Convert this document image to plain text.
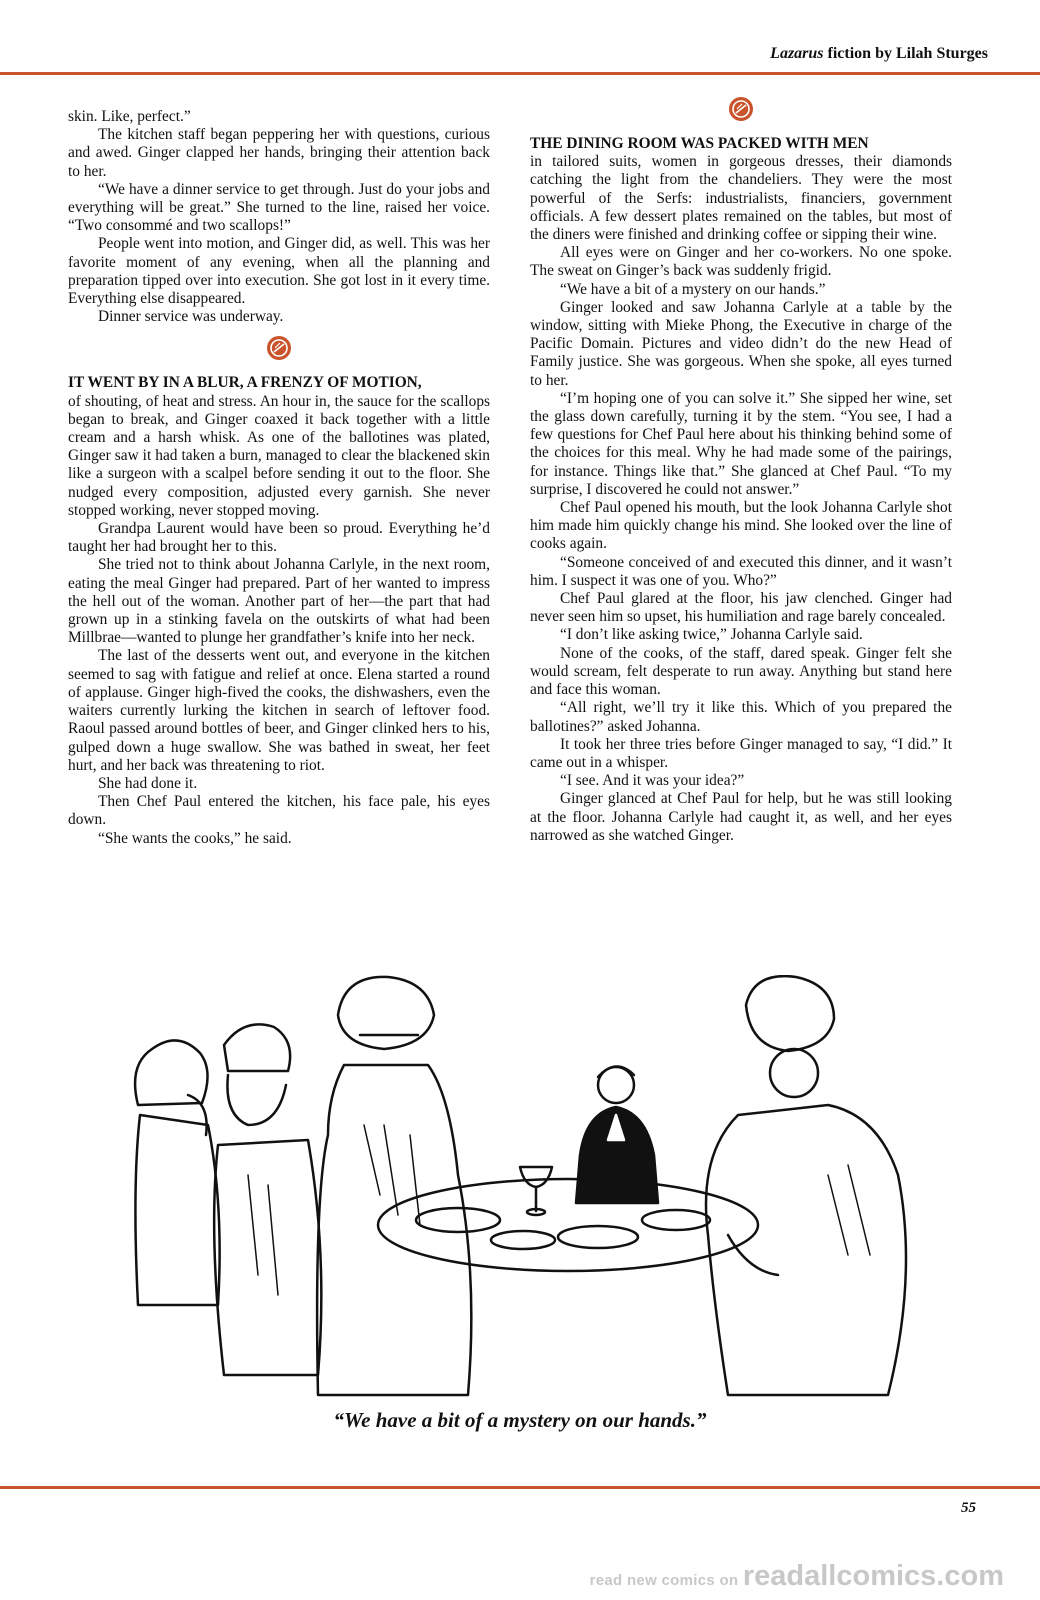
Lazarus fiction by Lilah Sturges

skin. Like, perfect.”

The kitchen staff began peppering her with questions, curious and awed. Ginger clapped her hands, bringing their attention back to her.

“We have a dinner service to get through. Just do your jobs and everything will be great.” She turned to the line, raised her voice. “Two consommé and two scallops!”

People went into motion, and Ginger did, as well. This was her favorite moment of any evening, when all the planning and preparation tipped over into execution. She got lost in it every time. Everything else disappeared.

Dinner service was underway.

IT WENT BY IN A BLUR, A FRENZY OF MOTION,

of shouting, of heat and stress. An hour in, the sauce for the scallops began to break, and Ginger coaxed it back together with a little cream and a harsh whisk. As one of the ballotines was plated, Ginger saw it had taken a burn, managed to clear the blackened skin like a surgeon with a scalpel before sending it out to the floor. She nudged every composition, adjusted every garnish. She never stopped working, never stopped moving.

Grandpa Laurent would have been so proud. Everything he’d taught her had brought her to this.

She tried not to think about Johanna Carlyle, in the next room, eating the meal Ginger had prepared. Part of her wanted to impress the hell out of the woman. Another part of her—the part that had grown up in a stinking favela on the outskirts of what had been Millbrae—wanted to plunge her grandfather’s knife into her neck.

The last of the desserts went out, and everyone in the kitchen seemed to sag with fatigue and relief at once. Elena started a round of applause. Ginger high-fived the cooks, the dishwashers, even the waiters currently lurking the kitchen in search of leftover food. Raoul passed around bottles of beer, and Ginger clinked hers to his, gulped down a huge swallow. She was bathed in sweat, her feet hurt, and her back was threatening to riot.

She had done it.

Then Chef Paul entered the kitchen, his face pale, his eyes down.

“She wants the cooks,” he said.

THE DINING ROOM WAS PACKED WITH MEN

in tailored suits, women in gorgeous dresses, their diamonds catching the light from the chandeliers. They were the most powerful of the Serfs: industrialists, financiers, government officials. A few dessert plates remained on the tables, but most of the diners were finished and drinking coffee or sipping their wine.

All eyes were on Ginger and her co-workers. No one spoke. The sweat on Ginger’s back was suddenly frigid.

“We have a bit of a mystery on our hands.”

Ginger looked and saw Johanna Carlyle at a table by the window, sitting with Mieke Phong, the Executive in charge of the Pacific Domain. Pictures and video didn’t do the new Head of Family justice. She was gorgeous. When she spoke, all eyes turned to her.

“I’m hoping one of you can solve it.” She sipped her wine, set the glass down carefully, turning it by the stem. “You see, I had a few questions for Chef Paul here about his thinking behind some of the choices for this meal. Why he had made some of the pairings, for instance. Things like that.” She glanced at Chef Paul. “To my surprise, I discovered he could not answer.”

Chef Paul opened his mouth, but the look Johanna Carlyle shot him made him quickly change his mind. She looked over the line of cooks again.

“Someone conceived of and executed this dinner, and it wasn’t him. I suspect it was one of you. Who?”

Chef Paul glared at the floor, his jaw clenched. Ginger had never seen him so upset, his humiliation and rage barely concealed.

“I don’t like asking twice,” Johanna Carlyle said.

None of the cooks, of the staff, dared speak. Ginger felt she would scream, felt desperate to run away. Anything but stand here and face this woman.

“All right, we’ll try it like this. Which of you prepared the ballotines?” asked Johanna.

It took her three tries before Ginger managed to say, “I did.” It came out in a whisper.

“I see. And it was your idea?”

Ginger glanced at Chef Paul for help, but he was still looking at the floor. Johanna Carlyle had caught it, as well, and her eyes narrowed as she watched Ginger.

“We have a bit of a mystery on our hands.”
55
read new comics on readallcomics.com
